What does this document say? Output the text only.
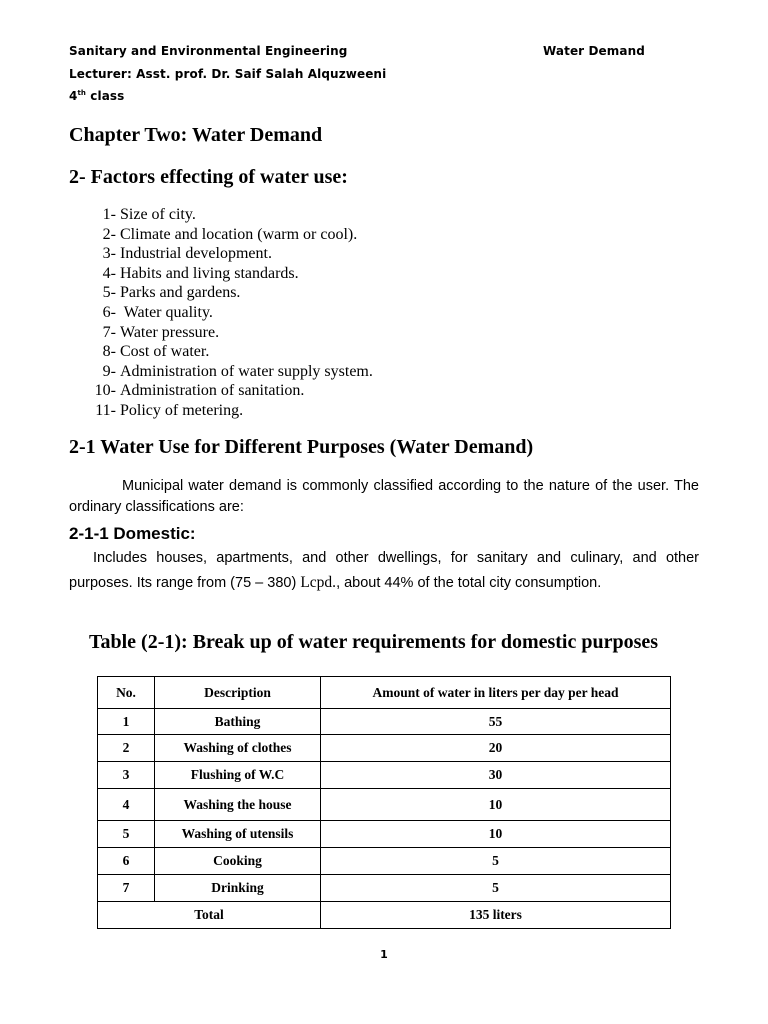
Sanitary and Environmental Engineering	Water Demand
Lecturer: Asst. prof. Dr. Saif Salah Alquzweeni
4th class
Chapter Two: Water Demand
2- Factors effecting of water use:
1-
Size of city.
2-
Climate and location (warm or cool).
3-
Industrial development.
4-
Habits and living standards.
5-
Parks and gardens.
6-
Water quality.
7-
Water pressure.
8-
Cost of water.
9-
Administration of water supply system.
10-
Administration of sanitation.
11-
Policy of metering.
2-1 Water Use for Different Purposes (Water Demand)
Municipal water demand is commonly classified according to the nature of the user. The ordinary classifications are:
2-1-1 Domestic:
Includes houses, apartments, and other dwellings, for sanitary and culinary, and other purposes. Its range from (75 – 380) Lcpd., about 44% of the total city consumption.
Table (2-1): Break up of water requirements for domestic purposes
No.	Description	Amount of water in liters per day per head
1	Bathing	55
2	Washing of clothes	20
3	Flushing of W.C	30
4	Washing the house	10
5	Washing of utensils	10
6	Cooking	5
7	Drinking	5
Total		135 liters
1
